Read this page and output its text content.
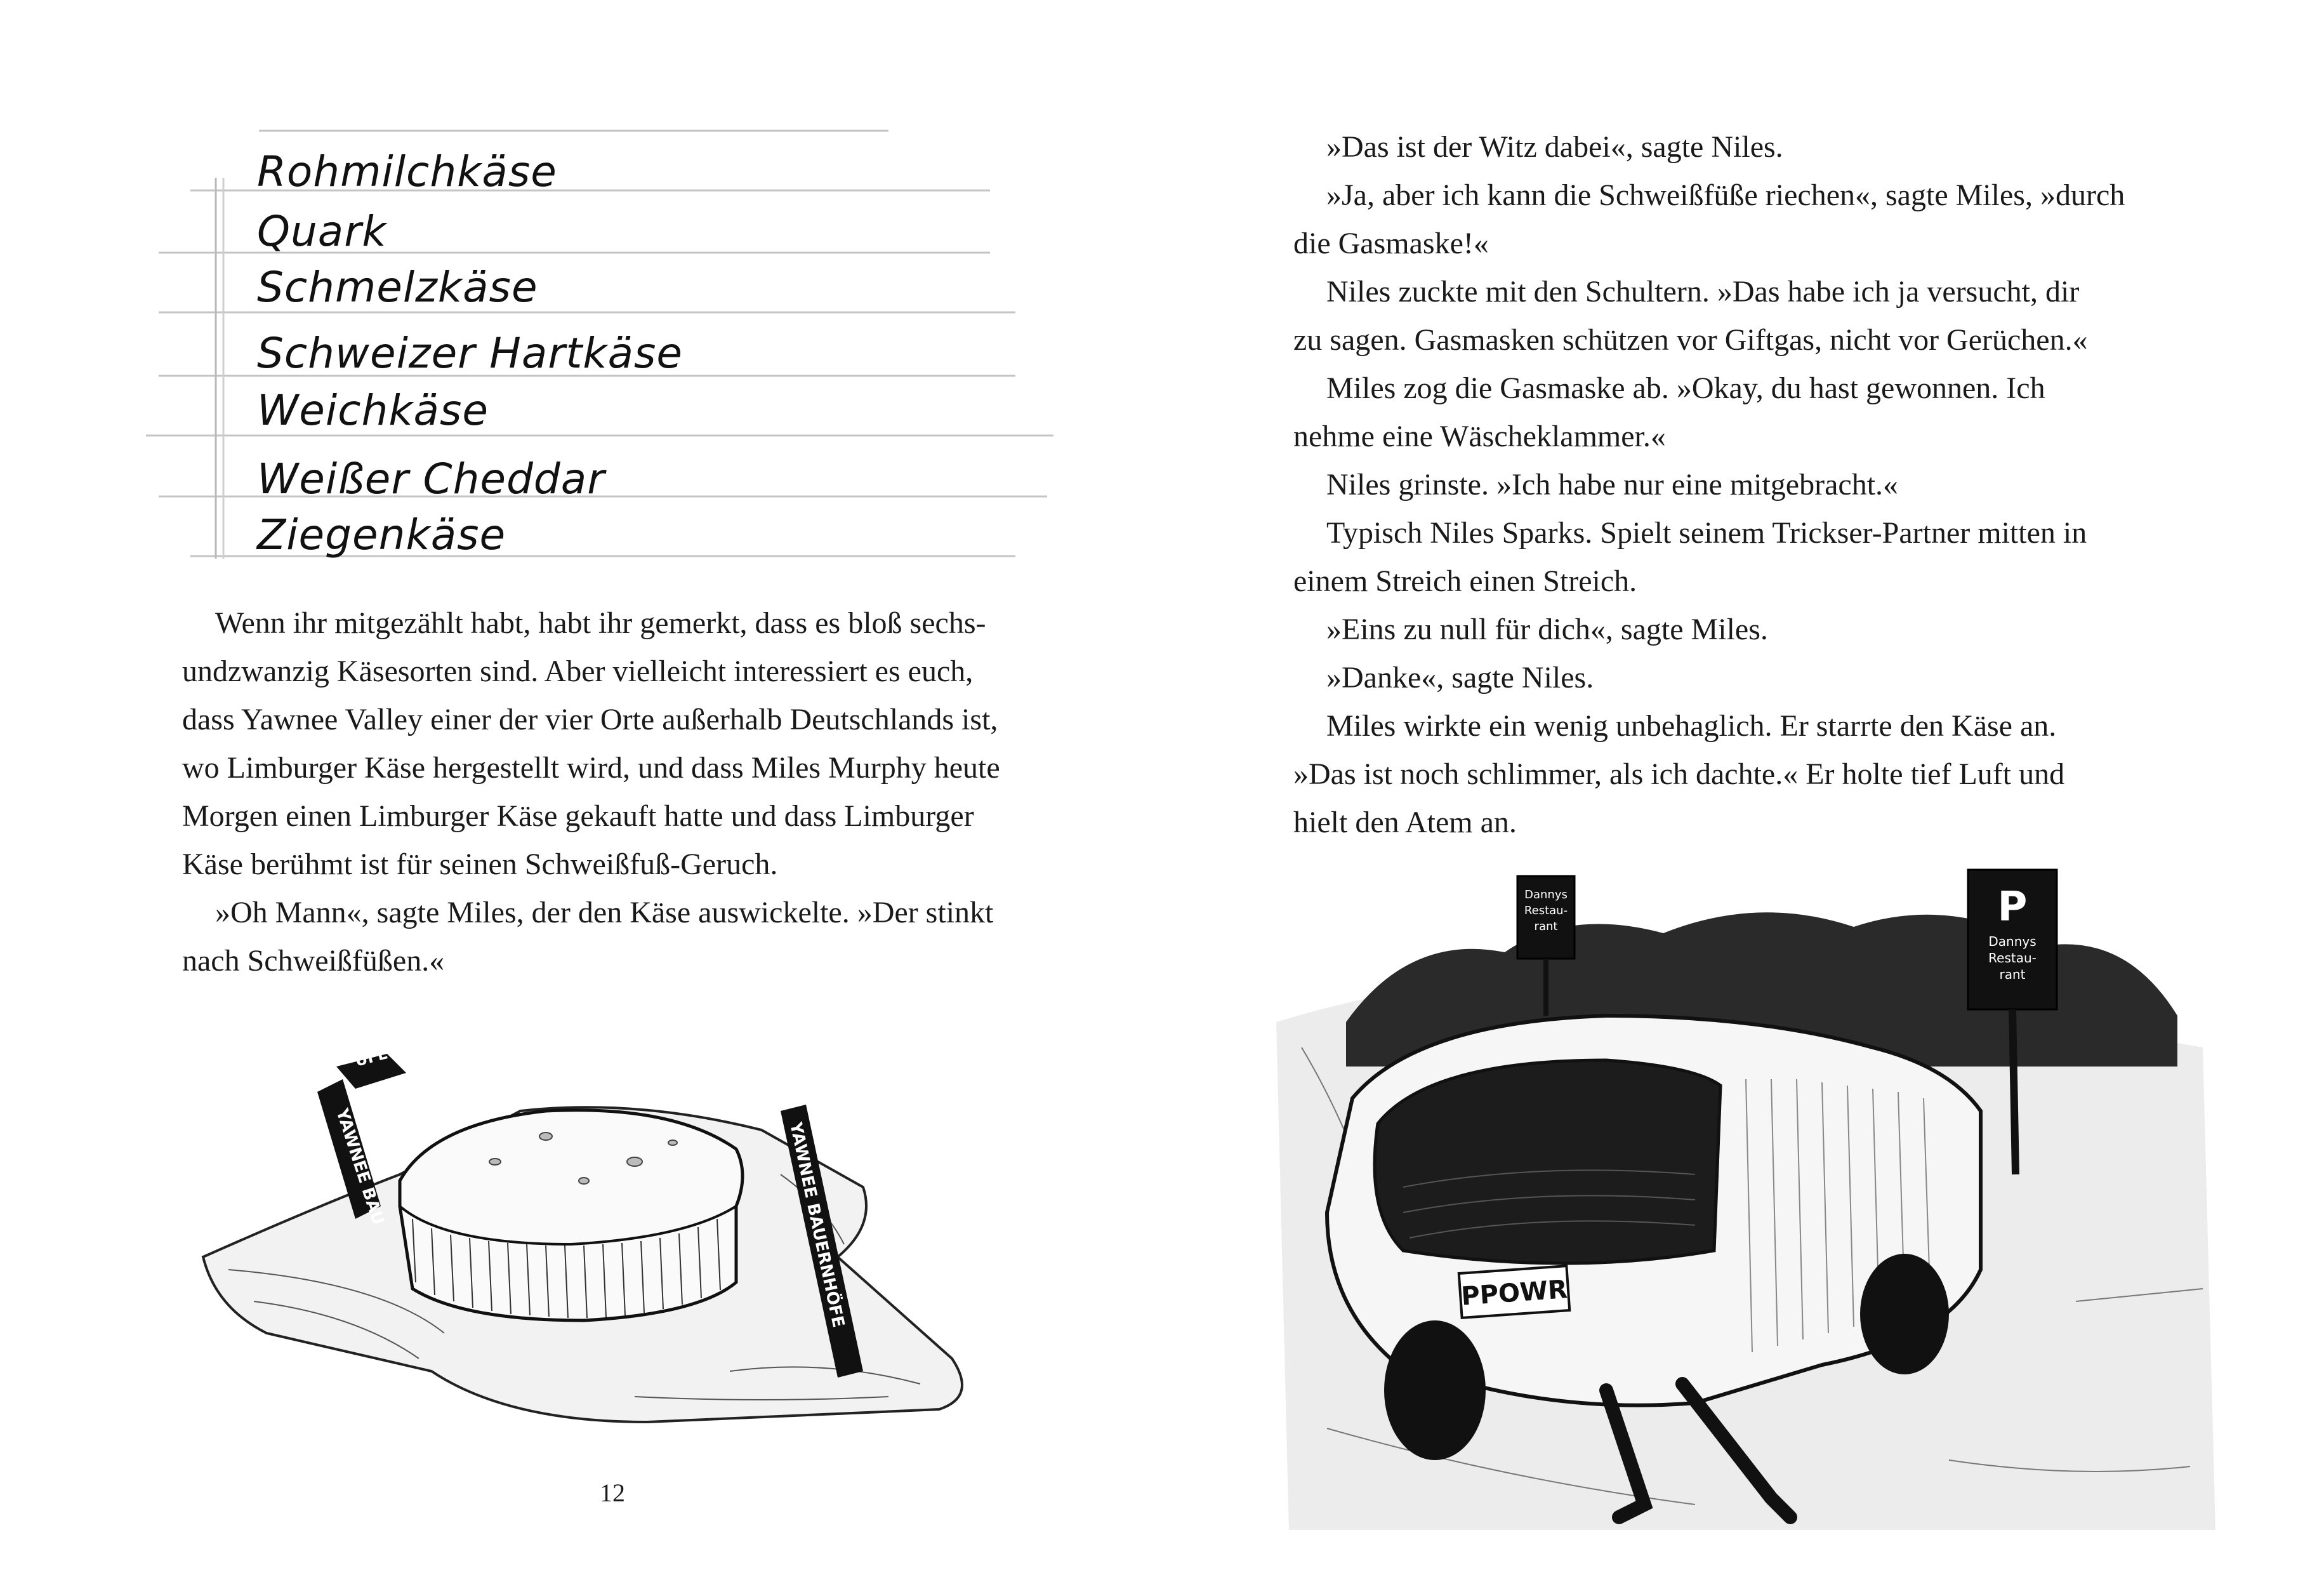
Rohmilchkäse
Quark
Schmelzkäse
Schweizer Hartkäse
Weichkäse
Weißer Cheddar
Ziegenkäse

Wenn ihr mitgezählt habt, habt ihr gemerkt, dass es bloß sechs-

undzwanzig Käsesorten sind. Aber vielleicht interessiert es euch,

dass Yawnee Valley einer der vier Orte außerhalb Deutschlands ist,

wo Limburger Käse hergestellt wird, und dass Miles Murphy heute

Morgen einen Limburger Käse gekauft hatte und dass Limburger

Käse berühmt ist für seinen Schweißfuß-Geruch.

»Oh Mann«, sagte Miles, der den Käse auswickelte. »Der stinkt

nach Schweißfüßen.«

YAWNEE BAU
UFE
YAWNEE BAUERNHÖFE
12

»Das ist der Witz dabei«, sagte Niles.

»Ja, aber ich kann die Schweißfüße riechen«, sagte Miles, »durch

die Gasmaske!«

Niles zuckte mit den Schultern. »Das habe ich ja versucht, dir

zu sagen. Gasmasken schützen vor Giftgas, nicht vor Gerüchen.«

Miles zog die Gasmaske ab. »Okay, du hast gewonnen. Ich

nehme eine Wäscheklammer.«

Niles grinste. »Ich habe nur eine mitgebracht.«

Typisch Niles Sparks. Spielt seinem Trickser-Partner mitten in

einem Streich einen Streich.

»Eins zu null für dich«, sagte Miles.

»Danke«, sagte Niles.

Miles wirkte ein wenig unbehaglich. Er starrte den Käse an.

»Das ist noch schlimmer, als ich dachte.« Er holte tief Luft und

hielt den Atem an.

Dannys
Restau-
rant	P
Dannys
Restau-
rant
PPOWR
